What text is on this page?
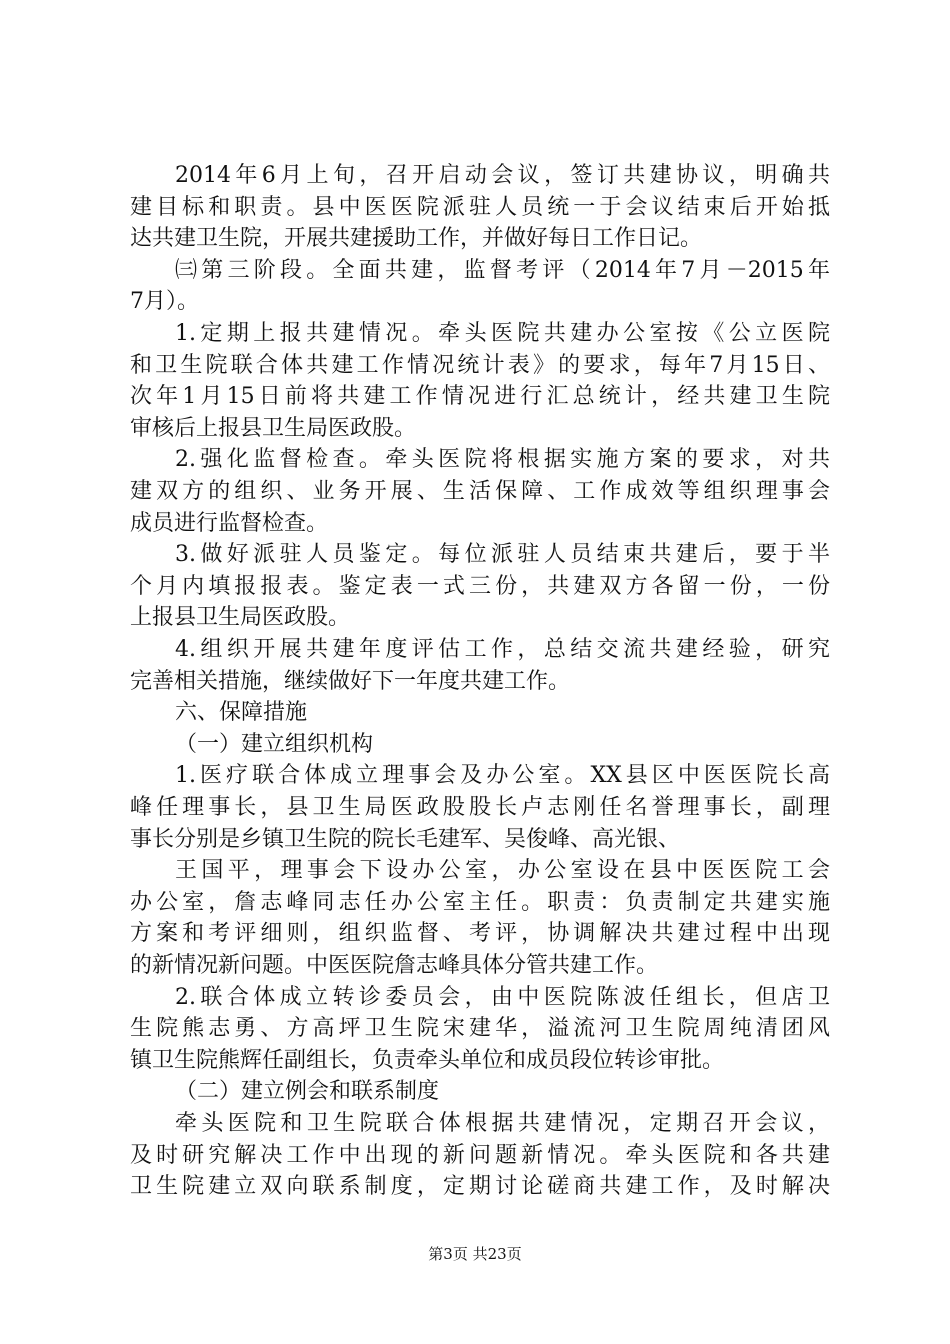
2014年6月上旬，召开启动会议，签订共建协议，明确共
建目标和职责。县中医医院派驻人员统一于会议结束后开始抵
达共建卫生院，开展共建援助工作，并做好每日工作日记。
㈢第三阶段。全面共建，监督考评（2014年7月－2015年
7月）。
1.定期上报共建情况。牵头医院共建办公室按《公立医院
和卫生院联合体共建工作情况统计表》的要求，每年7月15日、
次年1月15日前将共建工作情况进行汇总统计，经共建卫生院
审核后上报县卫生局医政股。
2.强化监督检查。牵头医院将根据实施方案的要求，对共
建双方的组织、业务开展、生活保障、工作成效等组织理事会
成员进行监督检查。
3.做好派驻人员鉴定。每位派驻人员结束共建后，要于半
个月内填报报表。鉴定表一式三份，共建双方各留一份，一份
上报县卫生局医政股。
4.组织开展共建年度评估工作，总结交流共建经验，研究
完善相关措施，继续做好下一年度共建工作。
六、保障措施
（一）建立组织机构
1.医疗联合体成立理事会及办公室。XX县区中医医院长高
峰任理事长，县卫生局医政股股长卢志刚任名誉理事长，副理
事长分别是乡镇卫生院的院长毛建军、吴俊峰、高光银、
王国平，理事会下设办公室，办公室设在县中医医院工会
办公室，詹志峰同志任办公室主任。职责：负责制定共建实施
方案和考评细则，组织监督、考评，协调解决共建过程中出现
的新情况新问题。中医医院詹志峰具体分管共建工作。
2.联合体成立转诊委员会，由中医院陈波任组长，但店卫
生院熊志勇、方高坪卫生院宋建华，溢流河卫生院周纯清团风
镇卫生院熊辉任副组长，负责牵头单位和成员段位转诊审批。
（二）建立例会和联系制度
牵头医院和卫生院联合体根据共建情况，定期召开会议，
及时研究解决工作中出现的新问题新情况。牵头医院和各共建
卫生院建立双向联系制度，定期讨论磋商共建工作，及时解决
第3页 共23页
